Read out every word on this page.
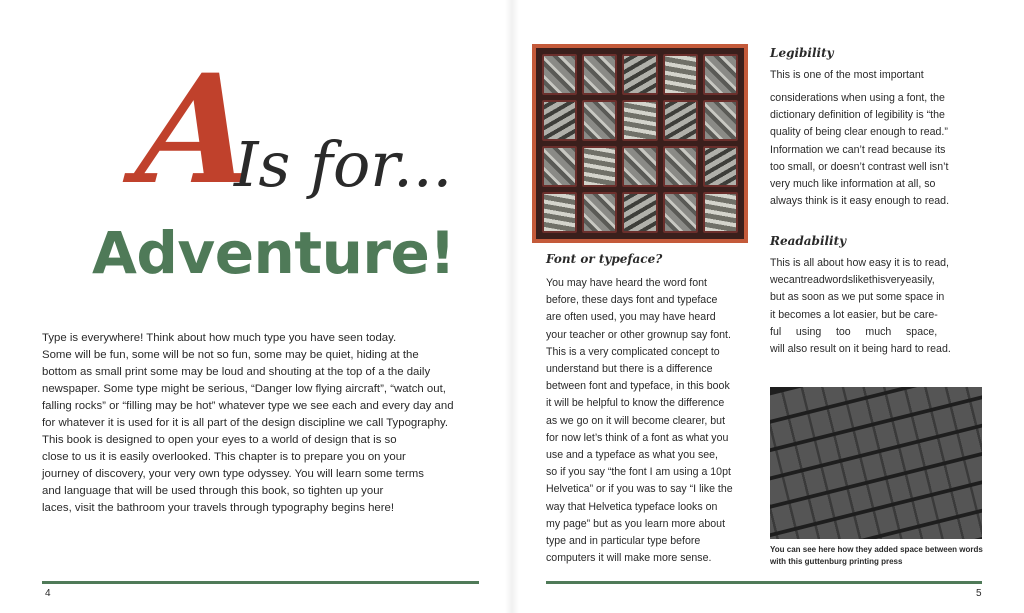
A
Is for...
Adventure!

Type is everywhere! Think about how much type you have seen today.

Some will be fun, some will be not so fun, some may be quiet, hiding at the

bottom as small print some may be loud and shouting at the top of a the daily

newspaper. Some type might be serious, “Danger low flying aircraft”, “watch out,

falling rocks” or “filling may be hot” whatever type we see each and every day and

for whatever it is used for it is all part of the design discipline we call Typography.

This book is designed to open your eyes to a world of design that is so

close to us it is easily overlooked. This chapter is to prepare you on your

journey of discovery, your very own type odyssey. You will learn some terms

and language that will be used through this book, so tighten up your

laces, visit the bathroom your travels through typography begins here!

Legibility
This is one of the most important

considerations when using a font, the

dictionary definition of legibility is “the

quality of being clear enough to read.”

Information we can’t read because its

too small, or doesn’t contrast well isn’t

very much like information at all, so

always think is it easy enough to read.

Readability

This is all about how easy it is to read,

wecantreadwordslikethisveryeasily,

but as soon as we put some space in

it becomes a lot easier, but be care-

ful     using     too     much     space,

will also result on it being hard to read.

Font or typeface?

You may have heard the word font

before, these days font and typeface

are often used, you may have heard

your teacher or other grownup say font.

This is a very complicated concept to

understand but there is a difference

between font and typeface, in this book

it will be helpful to know the difference

as we go on it will become clearer, but

for now let’s think of a font as what you

use and a typeface as what you see,

so if you say “the font I am using a 10pt

Helvetica” or if you was to say “I like the

way that Helvetica typeface looks on

my page” but as you learn more about

type and in particular type before

computers it will make more sense.

You can see here how they added space between words
with this guttenburg printing press
4	5
